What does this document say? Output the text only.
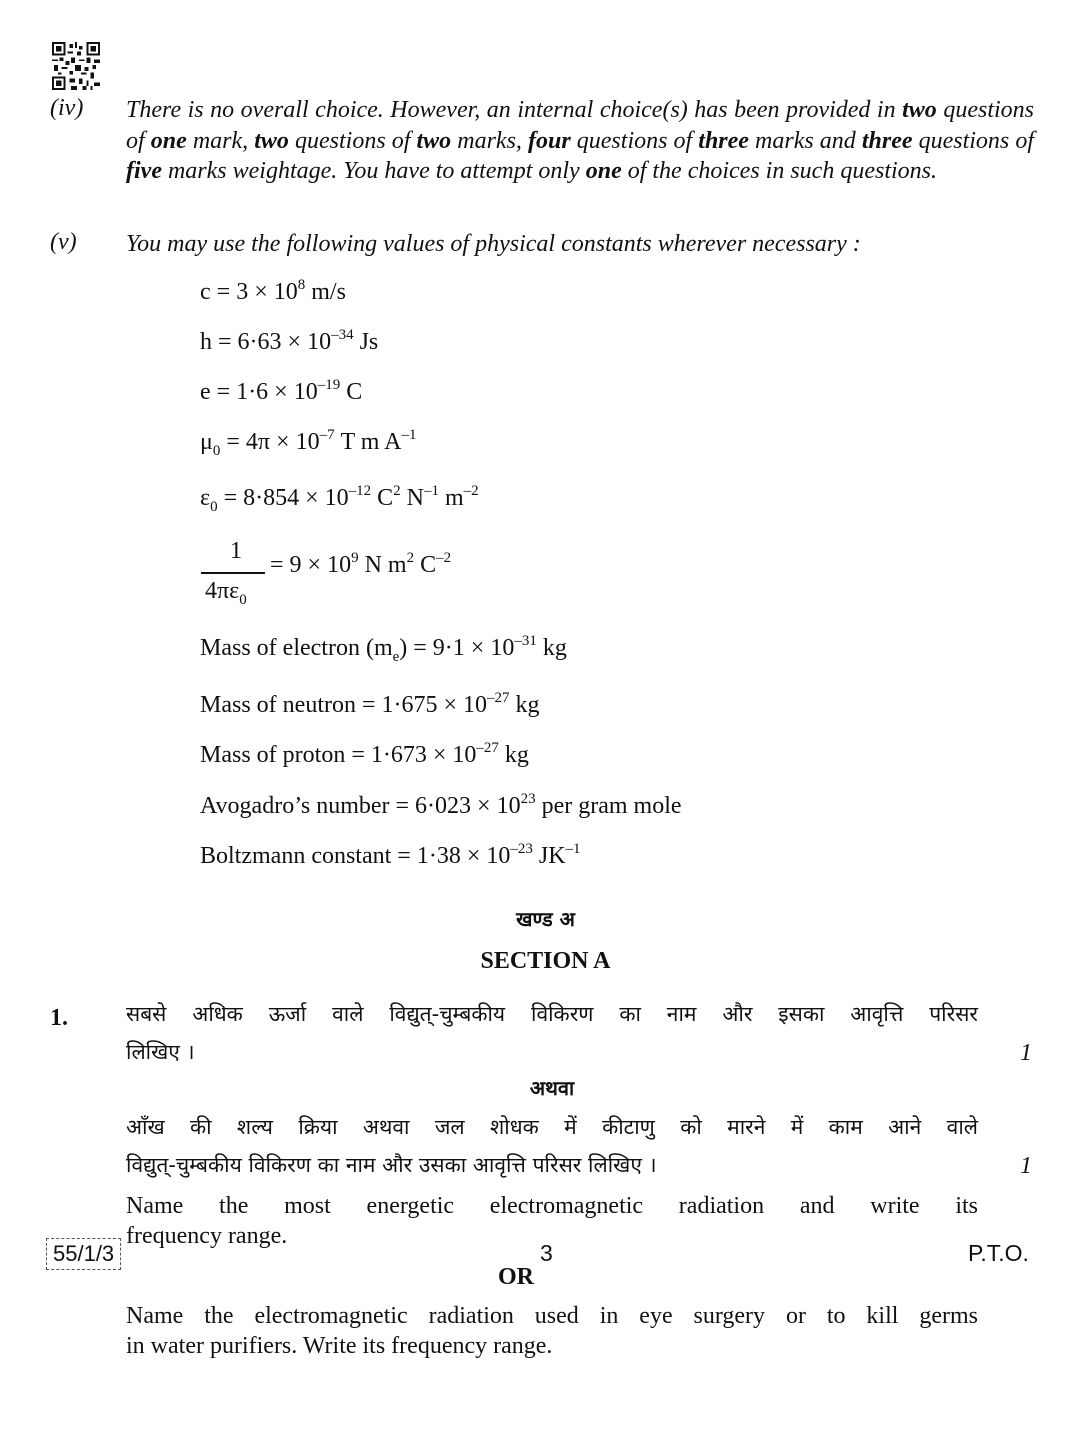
(iv) There is no overall choice. However, an internal choice(s) has been provided in two questions of one mark, two questions of two marks, four questions of three marks and three questions of five marks weightage. You have to attempt only one of the choices in such questions.
(v) You may use the following values of physical constants wherever necessary :
$c = 3 \times 10^8$ m/s
$h = 6\cdot 63 \times 10^{-34}$ Js
$e = 1\cdot 6 \times 10^{-19}$ C
$\mu_0 = 4\pi \times 10^{-7}$ T m $A^{-1}$
$\varepsilon_0 = 8\cdot 854 \times 10^{-12}$ $C^2$ $N^{-1}$ $m^{-2}$
1
$4\pi\varepsilon_0$
= $9 \times 10^9$ N $m^2$ $C^{-2}$
Mass of electron $(m_e) = 9\cdot 1 \times 10^{-31}$ kg
Mass of neutron = $1\cdot 675 \times 10^{-27}$ kg
Mass of proton = $1\cdot 673 \times 10^{-27}$ kg
Avogadro’s number = $6\cdot 023 \times 10^{23}$ per gram mole
Boltzmann constant = $1\cdot 38 \times 10^{-23}$ $JK^{-1}$
खण्ड अ
SECTION A
1.	सबसे अधिक ऊर्जा वाले विद्युत्-चुम्बकीय विकिरण का नाम और इसका आवृत्ति परिसर
लिखिए ।	1
अथवा
आँख की शल्य क्रिया अथवा जल शोधक में कीटाणु को मारने में काम आने वाले
विद्युत्-चुम्बकीय विकिरण का नाम और उसका आवृत्ति परिसर लिखिए ।	1
Name the most energetic electromagnetic radiation and write its
frequency range.
OR
Name the electromagnetic radiation used in eye surgery or to kill germs
in water purifiers. Write its frequency range.
55/1/3	3	P.T.O.
